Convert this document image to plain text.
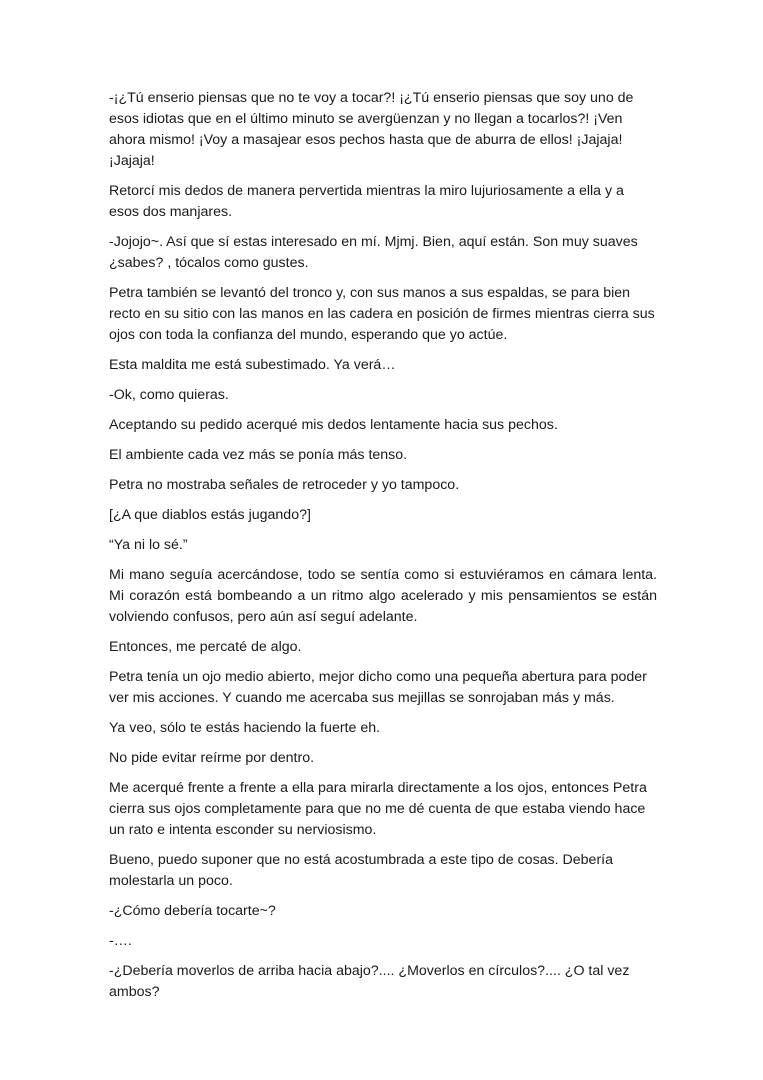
-¡¿Tú enserio piensas que no te voy a tocar?! ¡¿Tú enserio piensas que soy uno de esos idiotas que en el último minuto se avergüenzan y no llegan a tocarlos?! ¡Ven ahora mismo! ¡Voy a masajear esos pechos hasta que de aburra de ellos! ¡Jajaja! ¡Jajaja!

Retorcí mis dedos de manera pervertida mientras la miro lujuriosamente a ella y a esos dos manjares.

-Jojojo~. Así que sí estas interesado en mí. Mjmj. Bien, aquí están. Son muy suaves ¿sabes? , tócalos como gustes.

Petra también se levantó del tronco y, con sus manos a sus espaldas, se para bien recto en su sitio con las manos en las cadera en posición de firmes mientras cierra sus ojos con toda la confianza del mundo, esperando que yo actúe.

Esta maldita me está subestimado. Ya verá…

-Ok, como quieras.

Aceptando su pedido acerqué mis dedos lentamente hacia sus pechos.

El ambiente cada vez más se ponía más tenso.

Petra no mostraba señales de retroceder y yo tampoco.

[¿A que diablos estás jugando?]

“Ya ni lo sé.”

Mi mano seguía acercándose, todo se sentía como si estuviéramos en cámara lenta. Mi corazón está bombeando a un ritmo algo acelerado y mis pensamientos se están volviendo confusos, pero aún así seguí adelante.

Entonces, me percaté de algo.

Petra tenía un ojo medio abierto, mejor dicho como una pequeña abertura para poder ver mis acciones. Y cuando me acercaba sus mejillas se sonrojaban más y más.

Ya veo, sólo te estás haciendo la fuerte eh.

No pide evitar reírme por dentro.

Me acerqué frente a frente a ella para mirarla directamente a los ojos, entonces Petra cierra sus ojos completamente para que no me dé cuenta de que estaba viendo hace un rato e intenta esconder su nerviosismo.

Bueno, puedo suponer que no está acostumbrada a este tipo de cosas. Debería molestarla un poco.

-¿Cómo debería tocarte~?

-….

-¿Debería moverlos de arriba hacia abajo?.... ¿Moverlos en círculos?.... ¿O tal vez ambos?
